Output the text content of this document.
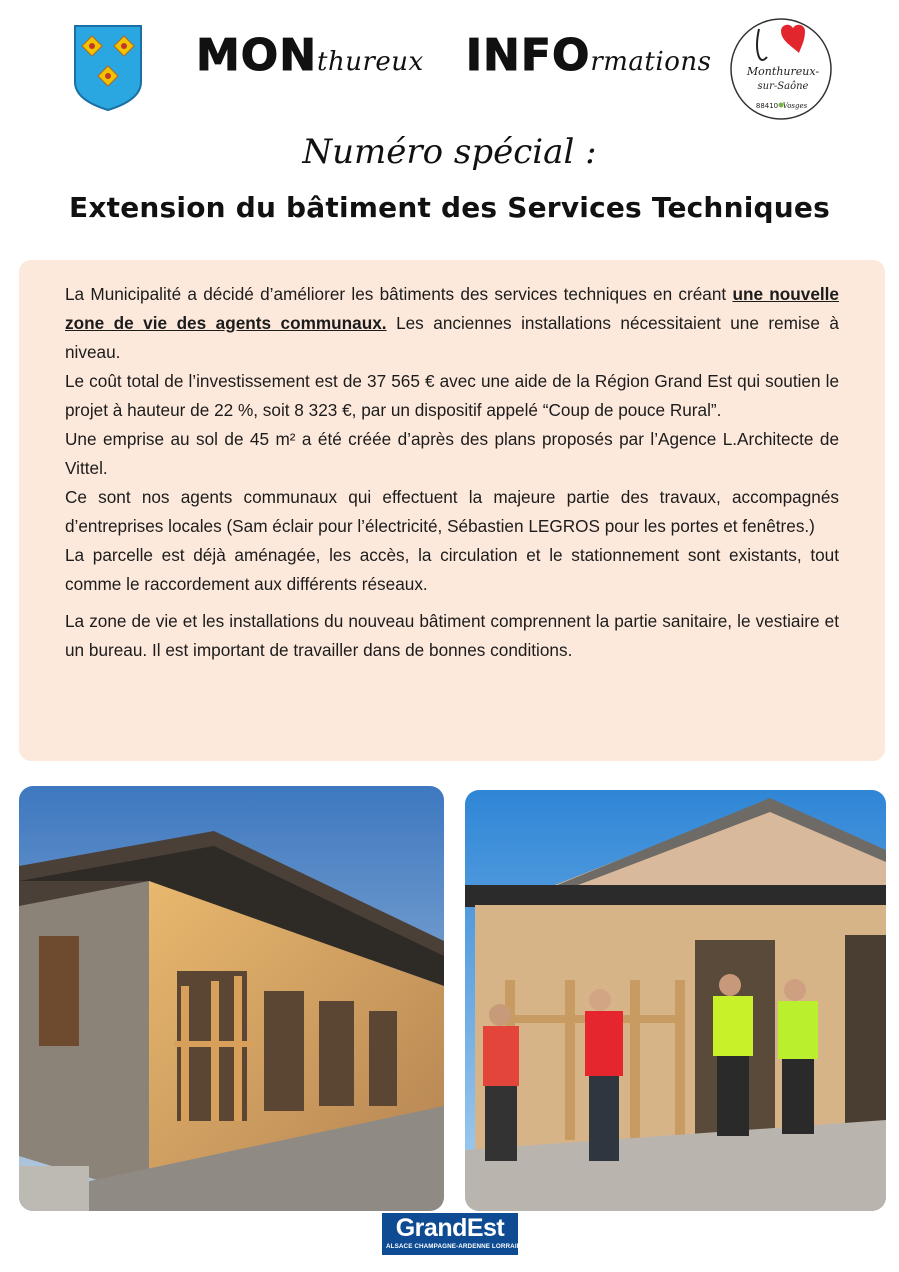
MON thureux INFO rmations	Monthureux-
sur-Saône
88410 Vosges
Numéro spécial :
Extension du bâtiment des Services Techniques

La Municipalité a décidé d’améliorer les bâtiments des services techniques en créant une nouvelle zone de vie des agents communaux. Les anciennes installations nécessitaient une remise à niveau.

Le coût total de l’investissement est de 37 565 € avec une aide de la Région Grand Est qui soutien le projet à hauteur de 22 %, soit 8 323 €, par un dispositif appelé “Coup de pouce Rural”.

Une emprise au sol de 45 m² a été créée d’après des plans proposés par l’Agence L.Architecte de Vittel.

Ce sont nos agents communaux qui effectuent la majeure partie des travaux, accompagnés d’entreprises locales (Sam éclair pour l’électricité, Sébastien LEGROS pour les portes et fenêtres.)

La parcelle est déjà aménagée, les accès, la circulation et le stationnement sont existants, tout comme le raccordement aux différents réseaux.

La zone de vie et les installations du nouveau bâtiment comprennent la partie sanitaire, le vestiaire et un bureau. Il est important de travailler dans de bonnes conditions.

GrandEst
ALSACE CHAMPAGNE-ARDENNE LORRAINE
